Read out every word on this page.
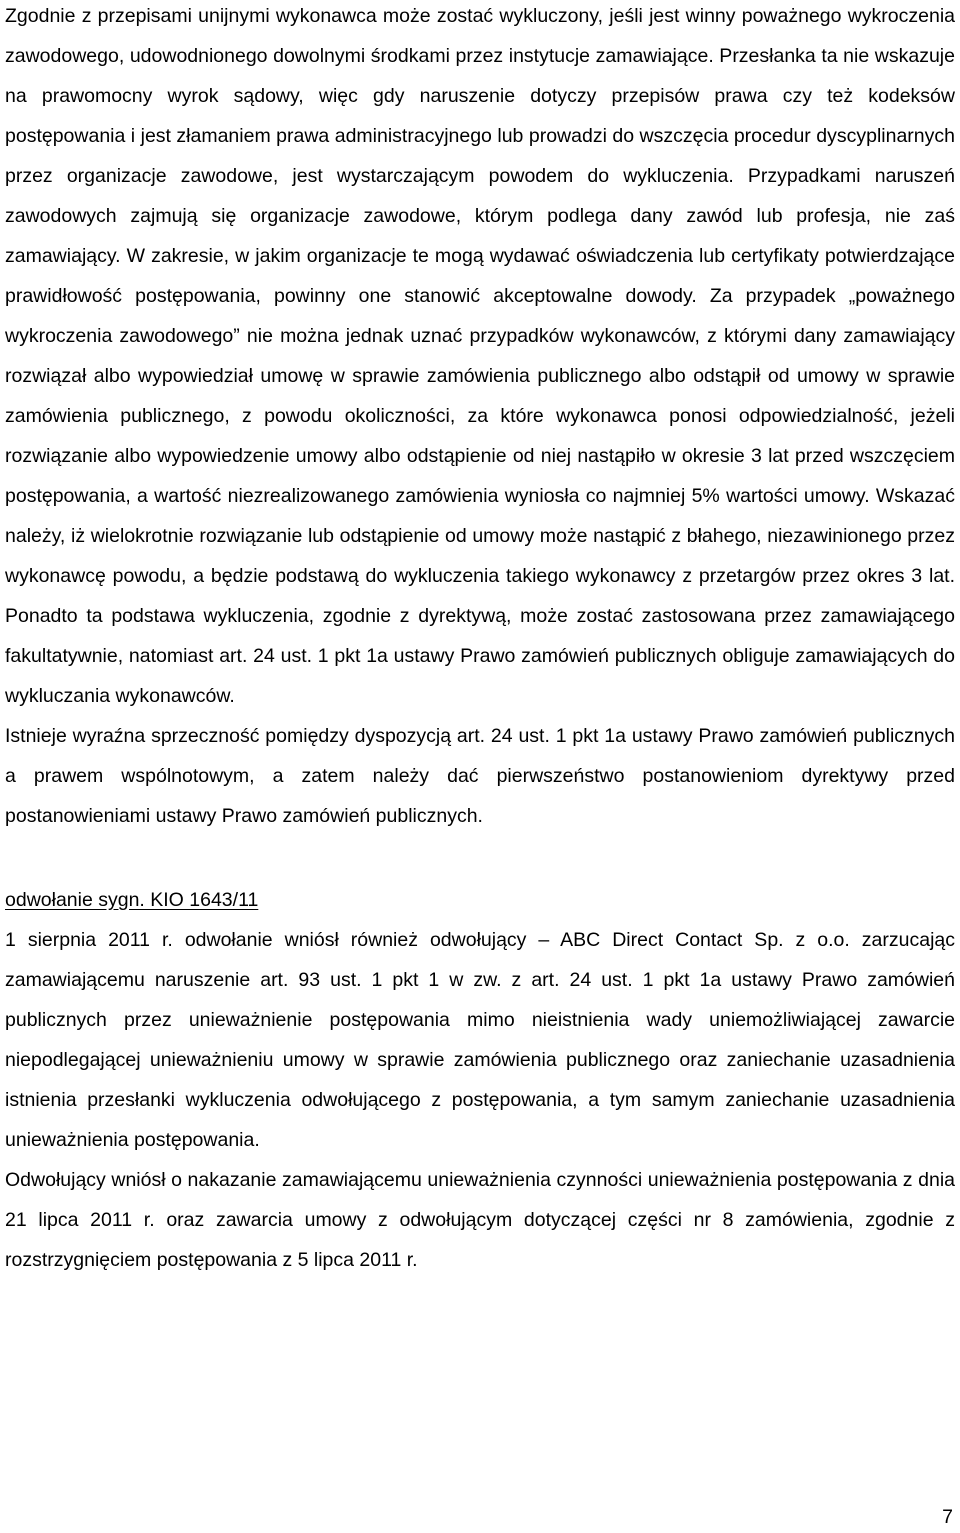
Zgodnie z przepisami unijnymi wykonawca może zostać wykluczony, jeśli jest winny poważnego wykroczenia zawodowego, udowodnionego dowolnymi środkami przez instytucje zamawiające. Przesłanka ta nie wskazuje na prawomocny wyrok sądowy, więc gdy naruszenie dotyczy przepisów prawa czy też kodeksów postępowania i jest złamaniem prawa administracyjnego lub prowadzi do wszczęcia procedur dyscyplinarnych przez organizacje zawodowe, jest wystarczającym powodem do wykluczenia. Przypadkami naruszeń zawodowych zajmują się organizacje zawodowe, którym podlega dany zawód lub profesja, nie zaś zamawiający. W zakresie, w jakim organizacje te mogą wydawać oświadczenia lub certyfikaty potwierdzające prawidłowość postępowania, powinny one stanowić akceptowalne dowody. Za przypadek „poważnego wykroczenia zawodowego” nie można jednak uznać przypadków wykonawców, z którymi dany zamawiający rozwiązał albo wypowiedział umowę w sprawie zamówienia publicznego albo odstąpił od umowy w sprawie zamówienia publicznego, z powodu okoliczności, za które wykonawca ponosi odpowiedzialność, jeżeli rozwiązanie albo wypowiedzenie umowy albo odstąpienie od niej nastąpiło w okresie 3 lat przed wszczęciem postępowania, a wartość niezrealizowanego zamówienia wyniosła co najmniej 5% wartości umowy. Wskazać należy, iż wielokrotnie rozwiązanie lub odstąpienie od umowy może nastąpić z błahego, niezawinionego przez wykonawcę powodu, a będzie podstawą do wykluczenia takiego wykonawcy z przetargów przez okres 3 lat. Ponadto ta podstawa wykluczenia, zgodnie z dyrektywą, może zostać zastosowana przez zamawiającego fakultatywnie, natomiast art. 24 ust. 1 pkt 1a ustawy Prawo zamówień publicznych obliguje zamawiających do wykluczania wykonawców.

Istnieje wyraźna sprzeczność pomiędzy dyspozycją art. 24 ust. 1 pkt 1a ustawy Prawo zamówień publicznych a prawem wspólnotowym, a zatem należy dać pierwszeństwo postanowieniom dyrektywy przed postanowieniami ustawy Prawo zamówień publicznych.

odwołanie sygn. KIO 1643/11

1 sierpnia 2011 r. odwołanie wniósł również odwołujący – ABC Direct Contact Sp. z o.o. zarzucając zamawiającemu naruszenie art. 93 ust. 1 pkt 1 w zw. z art. 24 ust. 1 pkt 1a ustawy Prawo zamówień publicznych przez unieważnienie postępowania mimo nieistnienia wady uniemożliwiającej zawarcie niepodlegającej unieważnieniu umowy w sprawie zamówienia publicznego oraz zaniechanie uzasadnienia istnienia przesłanki wykluczenia odwołującego z postępowania, a tym samym zaniechanie uzasadnienia unieważnienia postępowania.

Odwołujący wniósł o nakazanie zamawiającemu unieważnienia czynności unieważnienia postępowania z dnia 21 lipca 2011 r. oraz zawarcia umowy z odwołującym dotyczącej części nr 8 zamówienia, zgodnie z rozstrzygnięciem postępowania z 5 lipca 2011 r.

7
